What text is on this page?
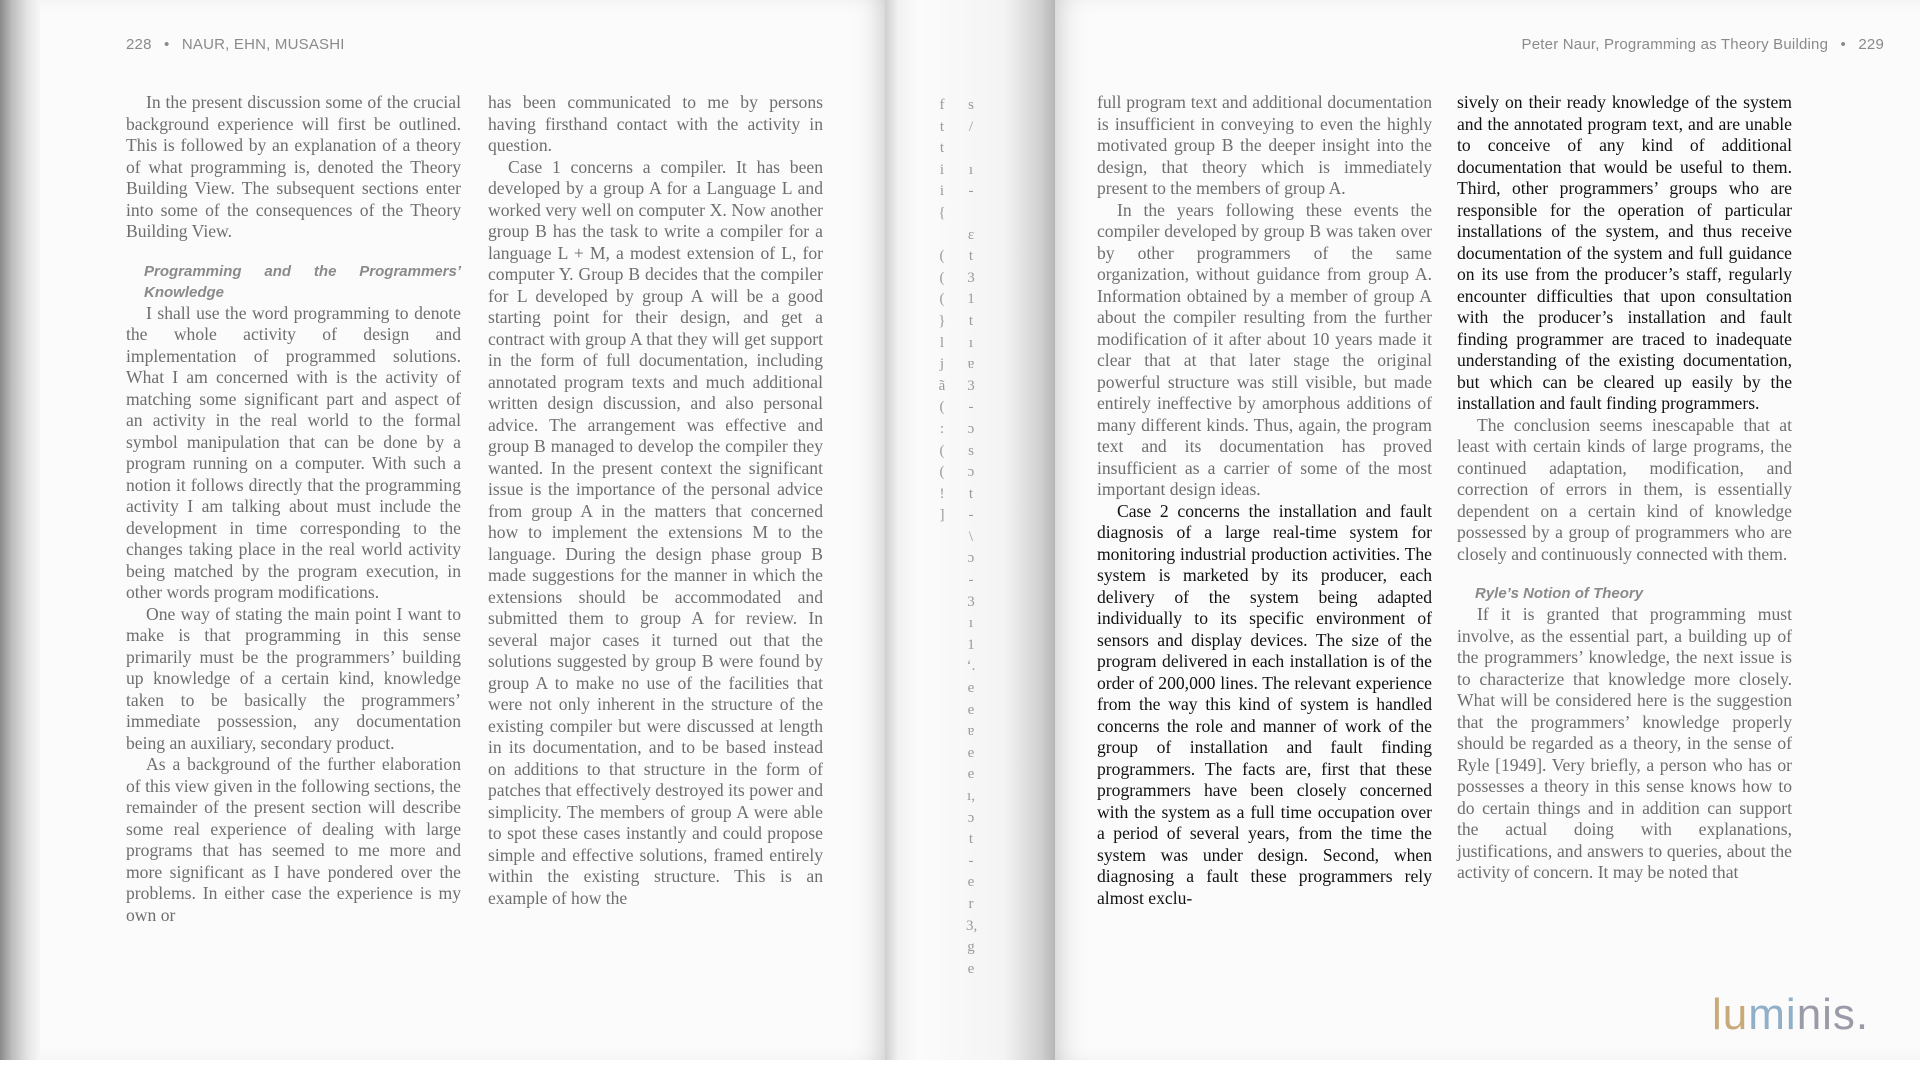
228 • NAUR, EHN, MUSASHI

In the present discussion some of the crucial background experience will first be outlined. This is followed by an explanation of a theory of what programming is, denoted the Theory Building View. The subsequent sections enter into some of the consequences of the Theory Building View.

Programming and the Programmers’ Knowledge

I shall use the word programming to denote the whole activity of design and implementation of programmed solutions. What I am concerned with is the activity of matching some significant part and aspect of an activity in the real world to the formal symbol manipulation that can be done by a program running on a computer. With such a notion it follows directly that the programming activity I am talking about must include the development in time corresponding to the changes taking place in the real world activity being matched by the program execution, in other words program modifications.

One way of stating the main point I want to make is that programming in this sense primarily must be the programmers’ building up knowledge of a certain kind, knowledge taken to be basically the programmers’ immediate possession, any documentation being an auxiliary, secondary product.

As a background of the further elaboration of this view given in the following sections, the remainder of the present section will describe some real experience of dealing with large programs that has seemed to me more and more significant as I have pondered over the problems. In either case the experience is my own or

has been communicated to me by persons having firsthand contact with the activity in question.

Case 1 concerns a compiler. It has been developed by a group A for a Language L and worked very well on computer X. Now another group B has the task to write a compiler for a language L + M, a modest extension of L, for computer Y. Group B decides that the compiler for L developed by group A will be a good starting point for their design, and get a contract with group A that they will get support in the form of full documentation, including annotated program texts and much additional written design discussion, and also personal advice. The arrangement was effective and group B managed to develop the compiler they wanted. In the present context the significant issue is the importance of the personal advice from group A in the matters that concerned how to implement the extensions M to the language. During the design phase group B made suggestions for the manner in which the extensions should be accommodated and submitted them to group A for review. In several major cases it turned out that the solutions suggested by group B were found by group A to make no use of the facilities that were not only inherent in the structure of the existing compiler but were discussed at length in its documentation, and to be based instead on additions to that structure in the form of patches that effectively destroyed its power and simplicity. The members of group A were able to spot these cases instantly and could propose simple and effective solutions, framed entirely within the existing structure. This is an example of how the

f
t
t
i
i
{
(
(
(
}
l
j
ã
(
:
(
(
!
]
s
/
ı
-
ɛ
t
3
1
t
ı
ɐ
3
-
ɔ
s
ɔ
t
-
\
ɔ
-
3
ı
1
ʻ.
e
e
ɐ
e
e
ı,
ɔ
t
-
e
r
3,
g
e
Peter Naur, Programming as Theory Building • 229

full program text and additional documentation is insufficient in conveying to even the highly motivated group B the deeper insight into the design, that theory which is immediately present to the members of group A.

In the years following these events the compiler developed by group B was taken over by other programmers of the same organization, without guidance from group A. Information obtained by a member of group A about the compiler resulting from the further modification of it after about 10 years made it clear that at that later stage the original powerful structure was still visible, but made entirely ineffective by amorphous additions of many different kinds. Thus, again, the program text and its documentation has proved insufficient as a carrier of some of the most important design ideas.

Case 2 concerns the installation and fault diagnosis of a large real-time system for monitoring industrial production activities. The system is marketed by its producer, each delivery of the system being adapted individually to its specific environment of sensors and display devices. The size of the program delivered in each installation is of the order of 200,000 lines. The relevant experience from the way this kind of system is handled concerns the role and manner of work of the group of installation and fault finding programmers. The facts are, first that these programmers have been closely concerned with the system as a full time occupation over a period of several years, from the time the system was under design. Second, when diagnosing a fault these programmers rely almost exclu-

sively on their ready knowledge of the system and the annotated program text, and are unable to conceive of any kind of additional documentation that would be useful to them. Third, other programmers’ groups who are responsible for the operation of particular installations of the system, and thus receive documentation of the system and full guidance on its use from the producer’s staff, regularly encounter difficulties that upon consultation with the producer’s installation and fault finding programmer are traced to inadequate understanding of the existing documentation, but which can be cleared up easily by the installation and fault finding programmers.

The conclusion seems inescapable that at least with certain kinds of large programs, the continued adaptation, modification, and correction of errors in them, is essentially dependent on a certain kind of knowledge possessed by a group of programmers who are closely and continuously connected with them.

Ryle’s Notion of Theory

If it is granted that programming must involve, as the essential part, a building up of the programmers’ knowledge, the next issue is to characterize that knowledge more closely. What will be considered here is the suggestion that the programmers’ knowledge properly should be regarded as a theory, in the sense of Ryle [1949]. Very briefly, a person who has or possesses a theory in this sense knows how to do certain things and in addition can support the actual doing with explanations, justifications, and answers to queries, about the activity of concern. It may be noted that

luminis.
